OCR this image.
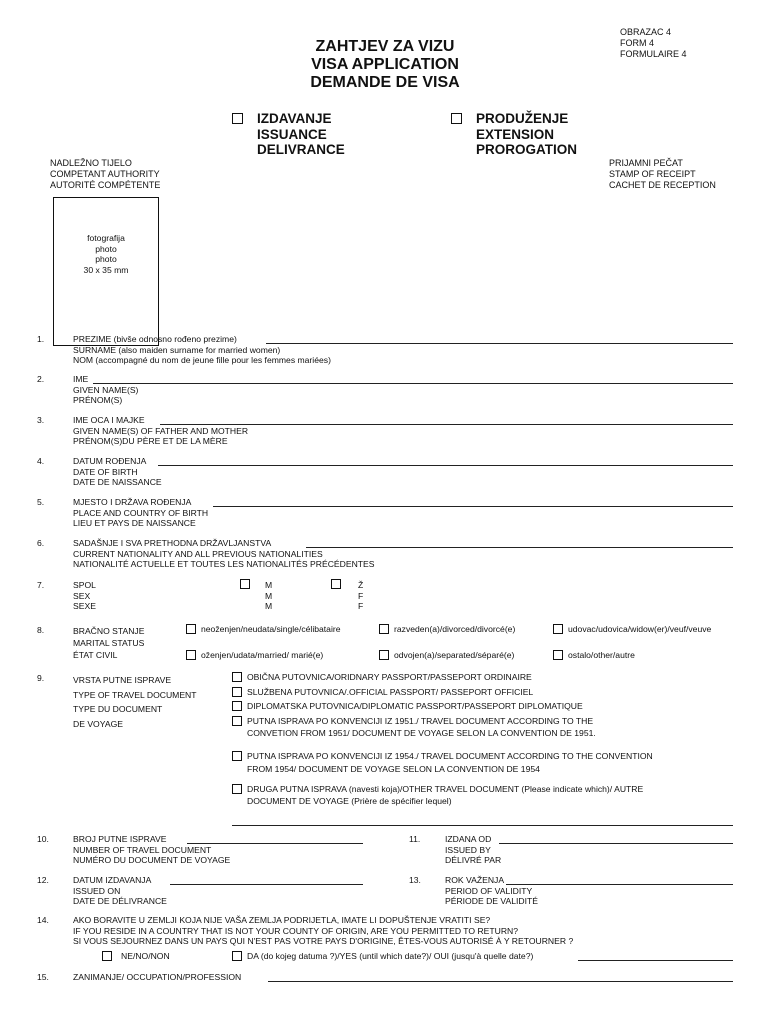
OBRAZAC 4
FORM 4
FORMULAIRE 4
ZAHTJEV ZA VIZU
VISA APPLICATION
DEMANDE DE VISA
IZDAVANJE
ISSUANCE
DELIVRANCE
PRODUŽENJE
EXTENSION
PROROGATION
NADLEŽNO TIJELO
COMPETANT AUTHORITY
AUTORITÉ COMPÉTENTE
PRIJAMNI PEČAT
STAMP OF RECEIPT
CACHET DE RECEPTION
fotografija
photo
photo
30 x 35 mm
1.	PREZIME (bivše odnosno rođeno prezime)
SURNAME (also maiden surname for married women)
NOM (accompagné du nom de jeune fille pour les femmes mariées)
2.	IME
GIVEN NAME(S)
PRÉNOM(S)
3.	IME OCA I MAJKE
GIVEN NAME(S) OF FATHER AND MOTHER
PRÉNOM(S)DU PÈRE ET DE LA MÈRE
4.	DATUM ROĐENJA
DATE OF BIRTH
DATE DE NAISSANCE
5.	MJESTO I DRŽAVA ROĐENJA
PLACE AND COUNTRY OF BIRTH
LIEU ET PAYS DE NAISSANCE
6.	SADAŠNJE I SVA PRETHODNA DRŽAVLJANSTVA
CURRENT NATIONALITY AND ALL PREVIOUS NATIONALITIES
NATIONALITÉ ACTUELLE ET TOUTES LES NATIONALITÉS PRÉCÉDENTES
7.	SPOL
SEX
SEXE
M
M
M
Ž
F
F
8.	BRAČNO STANJE
MARITAL STATUS
ÉTAT CIVIL
neoženjen/neudata/single/célibataire	razveden(a)/divorced/divorcé(e)	udovac/udovica/widow(er)/veuf/veuve
oženjen/udata/married/ marié(e)	odvojen(a)/separated/séparé(e)	ostalo/other/autre
9.	VRSTA PUTNE ISPRAVE
TYPE OF TRAVEL DOCUMENT
TYPE DU DOCUMENT
DE VOYAGE
OBIČNA PUTOVNICA/ORIDNARY PASSPORT/PASSEPORT ORDINAIRE
SLUŽBENA PUTOVNICA/.OFFICIAL PASSPORT/ PASSEPORT OFFICIEL
DIPLOMATSKA PUTOVNICA/DIPLOMATIC PASSPORT/PASSEPORT DIPLOMATIQUE
PUTNA ISPRAVA PO KONVENCIJI IZ 1951./ TRAVEL DOCUMENT ACCORDING TO THE
CONVETION FROM 1951/ DOCUMENT DE VOYAGE SELON LA CONVENTION DE 1951.
PUTNA ISPRAVA PO KONVENCIJI IZ 1954./ TRAVEL DOCUMENT ACCORDING TO THE CONVENTION
FROM 1954/ DOCUMENT DE VOYAGE SELON LA CONVENTION DE 1954
DRUGA PUTNA ISPRAVA (navesti koja)/OTHER TRAVEL DOCUMENT (Please indicate which)/ AUTRE
DOCUMENT DE VOYAGE (Prière de spécifier lequel)
10.	BROJ PUTNE ISPRAVE
NUMBER OF TRAVEL DOCUMENT
NUMÉRO DU DOCUMENT DE VOYAGE
11.	IZDANA OD
ISSUED BY
DÉLIVRÉ PAR
12.	DATUM IZDAVANJA
ISSUED ON
DATE DE DÉLIVRANCE
13.	ROK VAŽENJA
PERIOD OF VALIDITY
PÉRIODE DE VALIDITÉ
14.	AKO BORAVITE U ZEMLJI KOJA NIJE VAŠA ZEMLJA PODRIJETLA, IMATE LI DOPUŠTENJE VRATITI SE?
IF YOU RESIDE IN A COUNTRY THAT IS NOT YOUR COUNTY OF ORIGIN, ARE YOU PERMITTED TO RETURN?
SI VOUS SEJOURNEZ DANS UN PAYS QUI N'EST PAS VOTRE PAYS D'ORIGINE, ÊTES-VOUS AUTORISÉ À Y RETOURNER ?
NE/NO/NON	DA (do kojeg datuma ?)/YES (until which date?)/ OUI (jusqu'à quelle date?)
15.	ZANIMANJE/ OCCUPATION/PROFESSION
